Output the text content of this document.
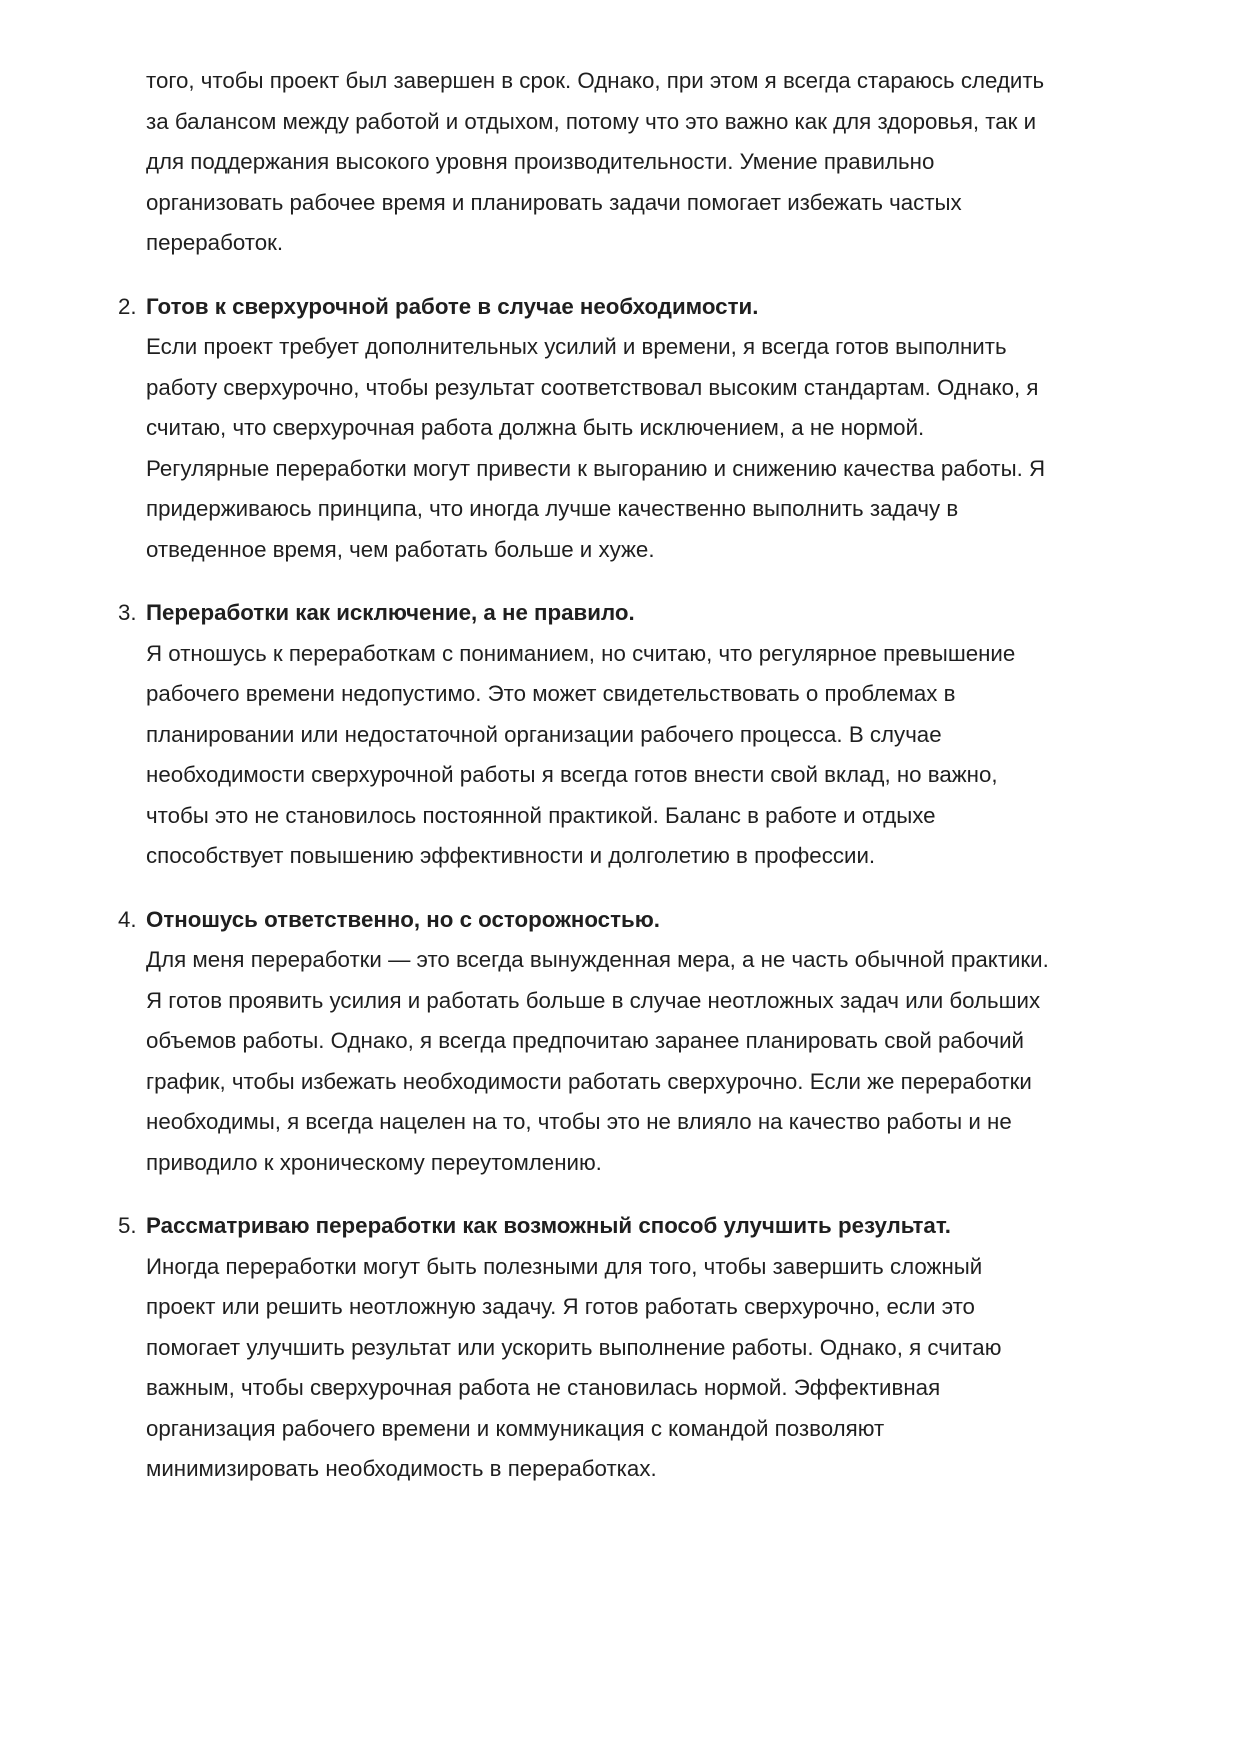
того, чтобы проект был завершен в срок. Однако, при этом я всегда стараюсь следить
за балансом между работой и отдыхом, потому что это важно как для здоровья, так и
для поддержания высокого уровня производительности. Умение правильно
организовать рабочее время и планировать задачи помогает избежать частых
переработок.
2. Готов к сверхурочной работе в случае необходимости.
Если проект требует дополнительных усилий и времени, я всегда готов выполнить
работу сверхурочно, чтобы результат соответствовал высоким стандартам. Однако, я
считаю, что сверхурочная работа должна быть исключением, а не нормой.
Регулярные переработки могут привести к выгоранию и снижению качества работы. Я
придерживаюсь принципа, что иногда лучше качественно выполнить задачу в
отведенное время, чем работать больше и хуже.
3. Переработки как исключение, а не правило.
Я отношусь к переработкам с пониманием, но считаю, что регулярное превышение
рабочего времени недопустимо. Это может свидетельствовать о проблемах в
планировании или недостаточной организации рабочего процесса. В случае
необходимости сверхурочной работы я всегда готов внести свой вклад, но важно,
чтобы это не становилось постоянной практикой. Баланс в работе и отдыхе
способствует повышению эффективности и долголетию в профессии.
4. Отношусь ответственно, но с осторожностью.
Для меня переработки — это всегда вынужденная мера, а не часть обычной практики.
Я готов проявить усилия и работать больше в случае неотложных задач или больших
объемов работы. Однако, я всегда предпочитаю заранее планировать свой рабочий
график, чтобы избежать необходимости работать сверхурочно. Если же переработки
необходимы, я всегда нацелен на то, чтобы это не влияло на качество работы и не
приводило к хроническому переутомлению.
5. Рассматриваю переработки как возможный способ улучшить результат.
Иногда переработки могут быть полезными для того, чтобы завершить сложный
проект или решить неотложную задачу. Я готов работать сверхурочно, если это
помогает улучшить результат или ускорить выполнение работы. Однако, я считаю
важным, чтобы сверхурочная работа не становилась нормой. Эффективная
организация рабочего времени и коммуникация с командой позволяют
минимизировать необходимость в переработках.
